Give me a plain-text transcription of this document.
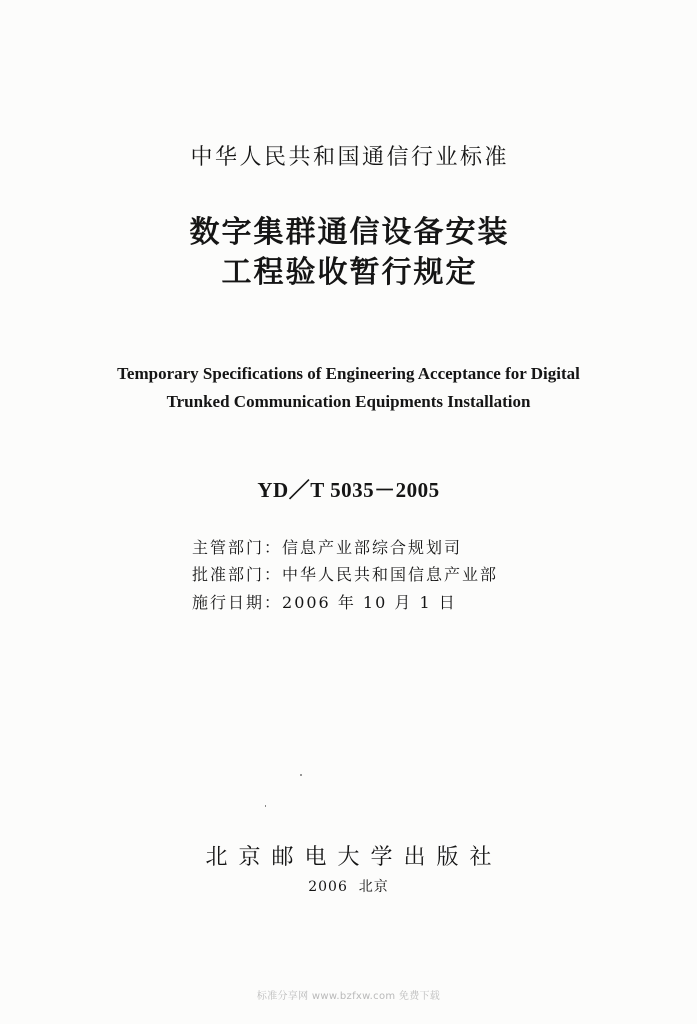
中华人民共和国通信行业标准
数字集群通信设备安装
工程验收暂行规定
Temporary Specifications of Engineering Acceptance for Digital
Trunked Communication Equipments Installation
YD／T 5035－2005
主管部门：信息产业部综合规划司
批准部门：中华人民共和国信息产业部
施行日期：2006 年 10 月 1 日
北京邮电大学出版社
2006  北京
标准分享网 www.bzfxw.com 免费下载
